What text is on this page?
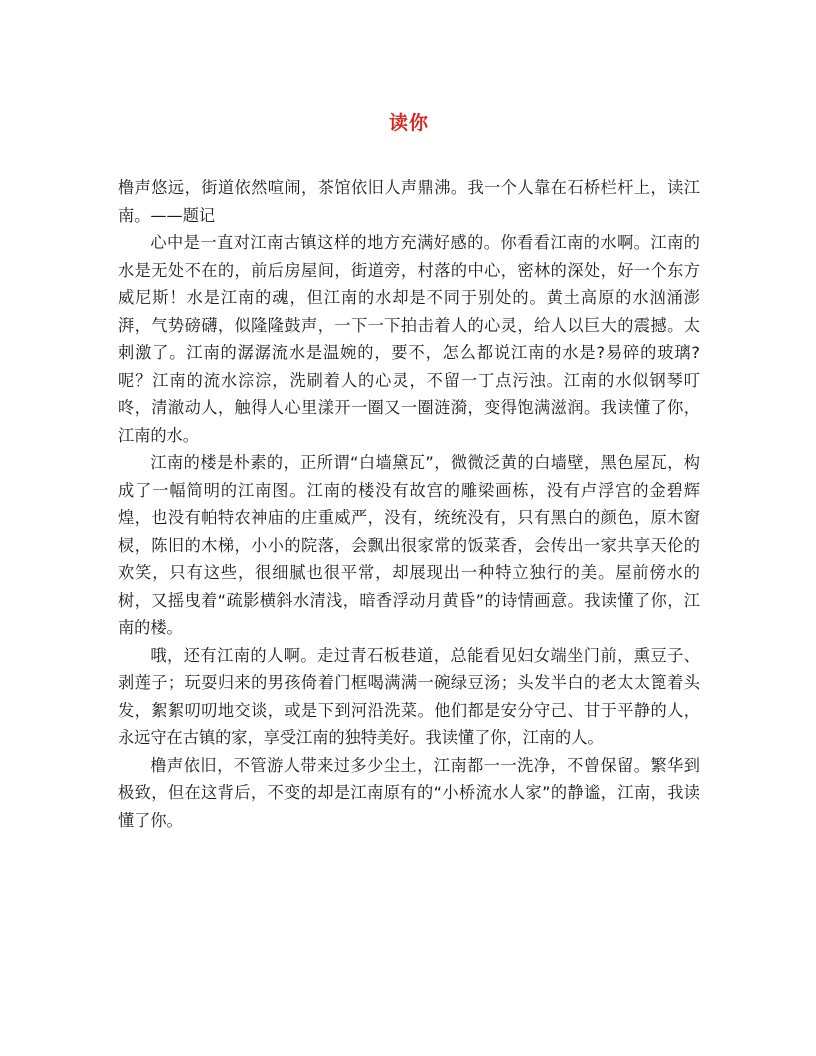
读你

橹声悠远，街道依然喧闹，茶馆依旧人声鼎沸。我一个人靠在石桥栏杆上，读江南。——题记

心中是一直对江南古镇这样的地方充满好感的。你看看江南的水啊。江南的水是无处不在的，前后房屋间，街道旁，村落的中心，密林的深处，好一个东方威尼斯！水是江南的魂，但江南的水却是不同于别处的。黄土高原的水汹涌澎湃，气势磅礴，似隆隆鼓声，一下一下拍击着人的心灵，给人以巨大的震撼。太刺激了。江南的潺潺流水是温婉的，要不，怎么都说江南的水是?易碎的玻璃?呢？江南的流水淙淙，洗刷着人的心灵，不留一丁点污浊。江南的水似钢琴叮咚，清澈动人，触得人心里漾开一圈又一圈涟漪，变得饱满滋润。我读懂了你，江南的水。

江南的楼是朴素的，正所谓“白墙黛瓦”，微微泛黄的白墙壁，黑色屋瓦，构成了一幅简明的江南图。江南的楼没有故宫的雕梁画栋，没有卢浮宫的金碧辉煌，也没有帕特农神庙的庄重威严，没有，统统没有，只有黑白的颜色，原木窗棂，陈旧的木梯，小小的院落，会飘出很家常的饭菜香，会传出一家共享天伦的欢笑，只有这些，很细腻也很平常，却展现出一种特立独行的美。屋前傍水的树，又摇曳着“疏影横斜水清浅，暗香浮动月黄昏”的诗情画意。我读懂了你，江南的楼。

哦，还有江南的人啊。走过青石板巷道，总能看见妇女端坐门前，熏豆子、剥莲子；玩耍归来的男孩倚着门框喝满满一碗绿豆汤；头发半白的老太太篦着头发，絮絮叨叨地交谈，或是下到河沿洗菜。他们都是安分守己、甘于平静的人，永远守在古镇的家，享受江南的独特美好。我读懂了你，江南的人。

橹声依旧，不管游人带来过多少尘土，江南都一一洗净，不曾保留。繁华到极致，但在这背后，不变的却是江南原有的“小桥流水人家”的静谧，江南，我读懂了你。
